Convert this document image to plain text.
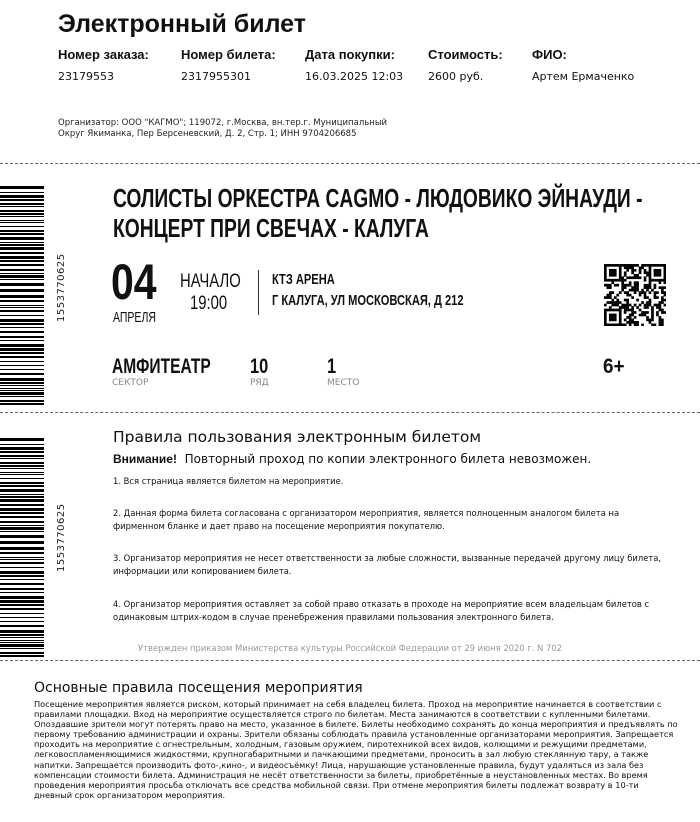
Электронный билет
Номер заказа: Номер билета: Дата покупки:	Стоимость: ФИО:
23179553	2317955301	16.03.2025 12:03 2600 руб.	Артем Ермаченко
Организатор: ООО "КАГМО"; 119072, г.Москва, вн.тер.г. Муниципальный Округ Якиманка, Пер Берсеневский, Д. 2, Стр. 1; ИНН 9704206685
1553770625
СОЛИСТЫ ОРКЕСТРА CAGMO - ЛЮДОВИКО ЭЙНАУДИ -
КОНЦЕРТ ПРИ СВЕЧАХ - КАЛУГА
04
АПРЕЛЯ
НАЧАЛО
19:00
КТЗ АРЕНА
Г КАЛУГА, УЛ МОСКОВСКАЯ, Д 212
АМФИТЕАТР
СЕКТОР
10
РЯД
1
МЕСТО
6+
1553770625
Правила пользования электронным билетом
Внимание! Повторный проход по копии электронного билета невозможен.
1. Вся страница является билетом на мероприятие.
2. Данная форма билета согласована с организатором мероприятия, является полноценным аналогом билета на фирменном бланке и дает право на посещение мероприятия покупателю.
3. Организатор мероприятия не несет ответственности за любые сложности, вызванные передачей другому лицу билета, информации или копированием билета.
4. Организатор мероприятия оставляет за собой право отказать в проходе на мероприятие всем владельцам билетов с одинаковым штрих-кодом в случае пренебрежения правилами пользования электронного билета.
Утвержден приказом Министерства культуры Российской Федерации от 29 июня 2020 г. N 702
Основные правила посещения мероприятия
Посещение мероприятия является риском, который принимает на себя владелец билета. Проход на мероприятие начинается в соответствии с правилами площадки. Вход на мероприятие осуществляется строго по билетам. Места занимаются в соответствии с купленными билетами. Опоздавшие зрители могут потерять право на место, указанное в билете. Билеты необходимо сохранять до конца мероприятия и предъявлять по первому требованию администрации и охраны. Зрители обязаны соблюдать правила установленные организаторами мероприятия. Запрещается проходить на мероприятие с огнестрельным, холодным, газовым оружием, пиротехникой всех видов, колющими и режущими предметами, легковоспламеняющимися жидкостями, крупногабаритными и пачкающими предметами, проносить в зал любую стеклянную тару, а также напитки. Запрещается производить фото-,кино-, и видеосъёмку! Лица, нарушающие установленные правила, будут удаляться из зала без компенсации стоимости билета. Администрация не несёт ответственности за билеты, приобретённые в неустановленных местах. Во время проведения мероприятия просьба отключать все средства мобильной связи. При отмене мероприятия билеты подлежат возврату в 10-ти дневный срок организатором мероприятия.
